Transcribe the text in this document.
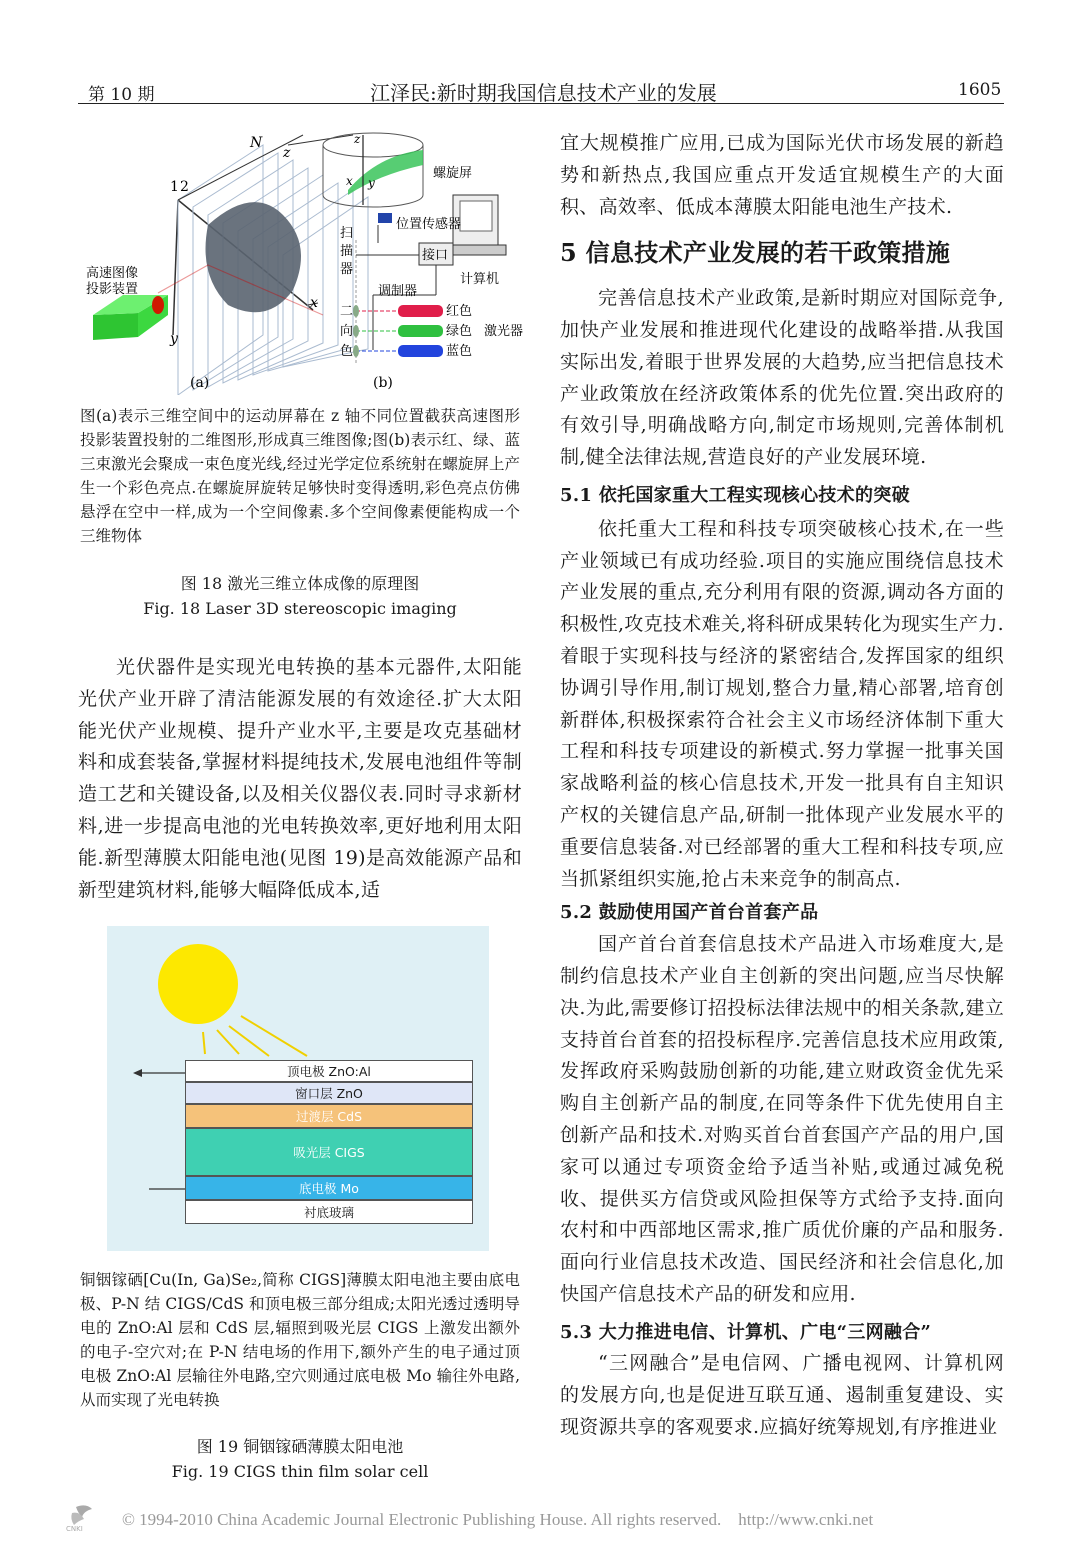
第 10 期	江泽民:新时期我国信息技术产业的发展	1605
N
z
1 2
x
y
高速图像
投影装置
z
y
x	螺旋屏
位置传感器
扫
描
器
接口
计算机
调制器
二
向
色
红色
绿色
蓝色
激光器
(a)	(b)
图(a)表示三维空间中的运动屏幕在 z 轴不同位置截获高速图形投影装置投射的二维图形,形成真三维图像;图(b)表示红、绿、蓝三束激光会聚成一束色度光线,经过光学定位系统射在螺旋屏上产生一个彩色亮点.在螺旋屏旋转足够快时变得透明,彩色亮点仿佛悬浮在空中一样,成为一个空间像素.多个空间像素便能构成一个三维物体
图 18 激光三维立体成像的原理图
Fig. 18 Laser 3D stereoscopic imaging

光伏器件是实现光电转换的基本元器件,太阳能光伏产业开辟了清洁能源发展的有效途径.扩大太阳能光伏产业规模、提升产业水平,主要是攻克基础材料和成套装备,掌握材料提纯技术,发展电池组件等制造工艺和关键设备,以及相关仪器仪表.同时寻求新材料,进一步提高电池的光电转换效率,更好地利用太阳能.新型薄膜太阳能电池(见图 19)是高效能源产品和新型建筑材料,能够大幅降低成本,适

顶电极 ZnO:Al
窗口层 ZnO
过渡层 CdS
吸光层 CIGS
底电极 Mo
衬底玻璃
铜铟镓硒[Cu(In, Ga)Se₂,简称 CIGS]薄膜太阳电池主要由底电极、P-N 结 CIGS/CdS 和顶电极三部分组成;太阳光透过透明导电的 ZnO:Al 层和 CdS 层,辐照到吸光层 CIGS 上激发出额外的电子-空穴对;在 P-N 结电场的作用下,额外产生的电子通过顶电极 ZnO:Al 层输往外电路,空穴则通过底电极 Mo 输往外电路,从而实现了光电转换
图 19 铜铟镓硒薄膜太阳电池
Fig. 19 CIGS thin film solar cell

宜大规模推广应用,已成为国际光伏市场发展的新趋势和新热点,我国应重点开发适宜规模生产的大面积、高效率、低成本薄膜太阳能电池生产技术.

5 信息技术产业发展的若干政策措施

完善信息技术产业政策,是新时期应对国际竞争,加快产业发展和推进现代化建设的战略举措.从我国实际出发,着眼于世界发展的大趋势,应当把信息技术产业政策放在经济政策体系的优先位置.突出政府的有效引导,明确战略方向,制定市场规则,完善体制机制,健全法律法规,营造良好的产业发展环境.

5.1 依托国家重大工程实现核心技术的突破

依托重大工程和科技专项突破核心技术,在一些产业领域已有成功经验.项目的实施应围绕信息技术产业发展的重点,充分利用有限的资源,调动各方面的积极性,攻克技术难关,将科研成果转化为现实生产力.着眼于实现科技与经济的紧密结合,发挥国家的组织协调引导作用,制订规划,整合力量,精心部署,培育创新群体,积极探索符合社会主义市场经济体制下重大工程和科技专项建设的新模式.努力掌握一批事关国家战略利益的核心信息技术,开发一批具有自主知识产权的关键信息产品,研制一批体现产业发展水平的重要信息装备.对已经部署的重大工程和科技专项,应当抓紧组织实施,抢占未来竞争的制高点.

5.2 鼓励使用国产首台首套产品

国产首台首套信息技术产品进入市场难度大,是制约信息技术产业自主创新的突出问题,应当尽快解决.为此,需要修订招投标法律法规中的相关条款,建立支持首台首套的招投标程序.完善信息技术应用政策,发挥政府采购鼓励创新的功能,建立财政资金优先采购自主创新产品的制度,在同等条件下优先使用自主创新产品和技术.对购买首台首套国产产品的用户,国家可以通过专项资金给予适当补贴,或通过减免税收、提供买方信贷或风险担保等方式给予支持.面向农村和中西部地区需求,推广质优价廉的产品和服务.面向行业信息技术改造、国民经济和社会信息化,加快国产信息技术产品的研发和应用.

5.3 大力推进电信、计算机、广电“三网融合”

“三网融合”是电信网、广播电视网、计算机网的发展方向,也是促进互联互通、遏制重复建设、实现资源共享的客观要求.应搞好统筹规划,有序推进业

CNKI © 1994-2010 China Academic Journal Electronic Publishing House. All rights reserved.    http://www.cnki.net
